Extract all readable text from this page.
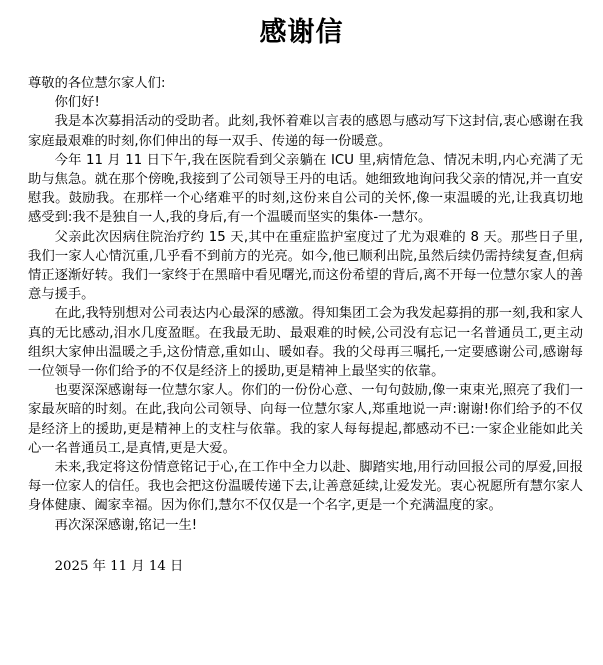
感谢信

尊敬的各位慧尔家人们:

你们好!

我是本次募捐活动的受助者。此刻,我怀着难以言表的感恩与感动写下这封信,衷心感谢在我家庭最艰难的时刻,你们伸出的每一双手、传递的每一份暖意。

今年 11 月 11 日下午,我在医院看到父亲躺在 ICU 里,病情危急、情况未明,内心充满了无助与焦急。就在那个傍晚,我接到了公司领导王丹的电话。她细致地询问我父亲的情况,并一直安慰我。鼓励我。在那样一个心绪难平的时刻,这份来自公司的关怀,像一束温暖的光,让我真切地感受到:我不是独自一人,我的身后,有一个温暖而坚实的集体-一慧尔。

父亲此次因病住院治疗约 15 天,其中在重症监护室度过了尤为艰难的 8 天。那些日子里,我们一家人心情沉重,几乎看不到前方的光亮。如今,他已顺利出院,虽然后续仍需持续复查,但病情正逐渐好转。我们一家终于在黑暗中看见曙光,而这份希望的背后,离不开每一位慧尔家人的善意与援手。

在此,我特别想对公司表达内心最深的感激。得知集团工会为我发起募捐的那一刻,我和家人真的无比感动,泪水几度盈眶。在我最无助、最艰难的时候,公司没有忘记一名普通员工,更主动组织大家伸出温暖之手,这份情意,重如山、暖如春。我的父母再三嘱托,一定要感谢公司,感谢每一位领导一你们给予的不仅是经济上的援助,更是精神上最坚实的依靠。

也要深深感谢每一位慧尔家人。你们的一份份心意、一句句鼓励,像一束束光,照亮了我们一家最灰暗的时刻。在此,我向公司领导、向每一位慧尔家人,郑重地说一声:谢谢!你们给予的不仅是经济上的援助,更是精神上的支柱与依靠。我的家人每每提起,都感动不已:一家企业能如此关心一名普通员工,是真情,更是大爱。

未来,我定将这份情意铭记于心,在工作中全力以赴、脚踏实地,用行动回报公司的厚爱,回报每一位家人的信任。我也会把这份温暖传递下去,让善意延续,让爱发光。衷心祝愿所有慧尔家人身体健康、阖家幸福。因为你们,慧尔不仅仅是一个名字,更是一个充满温度的家。

再次深深感谢,铭记一生!

2025 年 11 月 14 日
